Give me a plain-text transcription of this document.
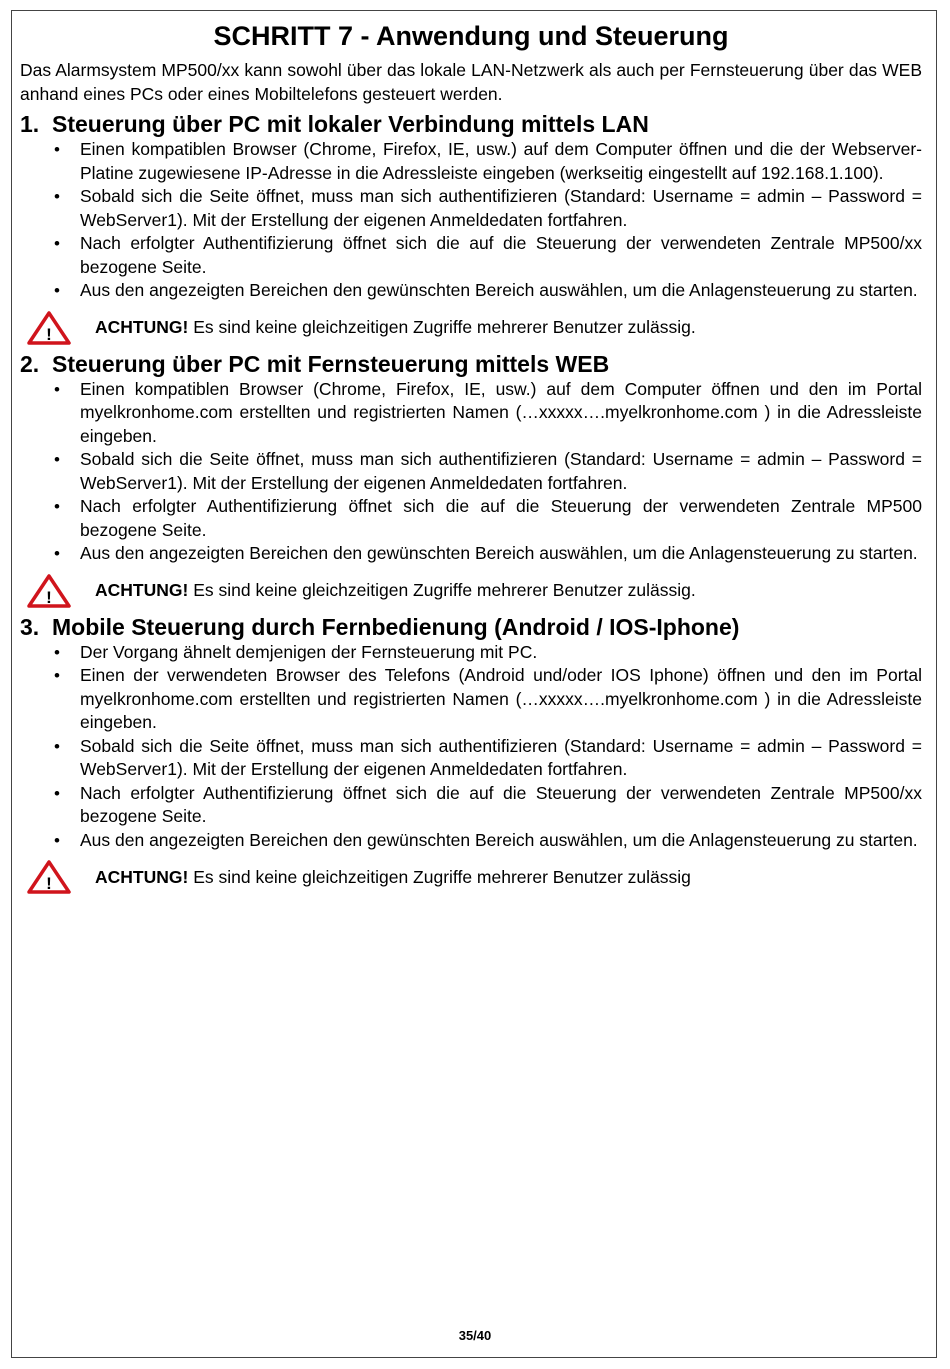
SCHRITT 7 - Anwendung und Steuerung

Das Alarmsystem MP500/xx kann sowohl über das lokale LAN-Netzwerk als auch per Fernsteuerung über das WEB anhand eines PCs oder eines Mobiltelefons gesteuert werden.

1. Steuerung über PC mit lokaler Verbindung mittels LAN
• Einen kompatiblen Browser (Chrome, Firefox, IE, usw.) auf dem Computer öffnen und die der Webserver-Platine zugewiesene IP-Adresse in die Adressleiste eingeben (werkseitig eingestellt auf 192.168.1.100).
• Sobald sich die Seite öffnet, muss man sich authentifizieren (Standard: Username = admin – Password = WebServer1). Mit der Erstellung der eigenen Anmeldedaten fortfahren.
• Nach erfolgter Authentifizierung öffnet sich die auf die Steuerung der verwendeten Zentrale MP500/xx bezogene Seite.
• Aus den angezeigten Bereichen den gewünschten Bereich auswählen, um die Anlagensteuerung zu starten.
! ACHTUNG! Es sind keine gleichzeitigen Zugriffe mehrerer Benutzer zulässig.
2. Steuerung über PC mit Fernsteuerung mittels WEB
• Einen kompatiblen Browser (Chrome, Firefox, IE, usw.) auf dem Computer öffnen und den im Portal myelkronhome.com erstellten und registrierten Namen (…xxxxx….myelkronhome.com ) in die Adressleiste eingeben.
• Sobald sich die Seite öffnet, muss man sich authentifizieren (Standard: Username = admin – Password = WebServer1). Mit der Erstellung der eigenen Anmeldedaten fortfahren.
• Nach erfolgter Authentifizierung öffnet sich die auf die Steuerung der verwendeten Zentrale MP500 bezogene Seite.
• Aus den angezeigten Bereichen den gewünschten Bereich auswählen, um die Anlagensteuerung zu starten.
! ACHTUNG! Es sind keine gleichzeitigen Zugriffe mehrerer Benutzer zulässig.
3. Mobile Steuerung durch Fernbedienung (Android / IOS-Iphone)
• Der Vorgang ähnelt demjenigen der Fernsteuerung mit PC.
• Einen der verwendeten Browser des Telefons (Android und/oder IOS Iphone) öffnen und den im Portal myelkronhome.com erstellten und registrierten Namen (…xxxxx….myelkronhome.com ) in die Adressleiste eingeben.
• Sobald sich die Seite öffnet, muss man sich authentifizieren (Standard: Username = admin – Password = WebServer1). Mit der Erstellung der eigenen Anmeldedaten fortfahren.
• Nach erfolgter Authentifizierung öffnet sich die auf die Steuerung der verwendeten Zentrale MP500/xx bezogene Seite.
• Aus den angezeigten Bereichen den gewünschten Bereich auswählen, um die Anlagensteuerung zu starten.
! ACHTUNG! Es sind keine gleichzeitigen Zugriffe mehrerer Benutzer zulässig
35/40
